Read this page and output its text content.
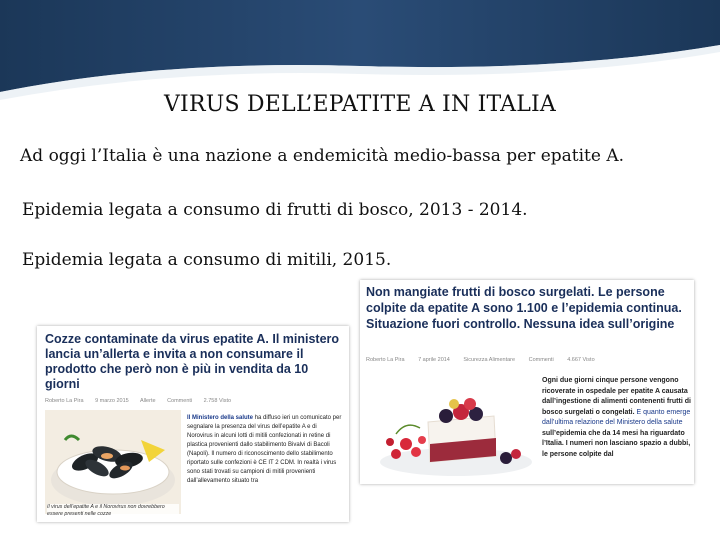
VIRUS DELL’EPATITE A IN ITALIA
Ad oggi l’Italia è una nazione a endemicità medio-bassa per epatite A.
Epidemia legata a consumo di frutti di bosco, 2013 - 2014.
Epidemia legata a consumo di mitili, 2015.
Cozze contaminate da virus epatite A. Il ministero lancia un’allerta e invita a non consumare il prodotto che però non è più in vendita da 10 giorni
Roberto La Pira 9 marzo 2015 Allerte Commenti 2.758 Visto
Il virus dell’epatite A e il Norovirus non dovrebbero essere presenti nelle cozze
Il Ministero della salute ha diffuso ieri un comunicato per segnalare la presenza del virus dell’epatite A e di Norovirus in alcuni lotti di mitili confezionati in retine di plastica provenienti dallo stabilimento Bivalvi di Bacoli (Napoli). Il numero di riconoscimento dello stabilimento riportato sulle confezioni è CE IT 2 CDM. In realtà i virus sono stati trovati su campioni di mitili provenienti dall’allevamento situato tra
Non mangiate frutti di bosco surgelati. Le persone colpite da epatite A sono 1.100 e l’epidemia continua. Situazione fuori controllo. Nessuna idea sull’origine
Roberto La Pira 7 aprile 2014 Sicurezza Alimentare Commenti 4.667 Visto
Ogni due giorni cinque persone vengono ricoverate in ospedale per epatite A causata dall’ingestione di alimenti contenenti frutti di bosco surgelati o congelati. E quanto emerge dall’ultima relazione del Ministero della salute sull’epidemia che da 14 mesi ha riguardato l’Italia. I numeri non lasciano spazio a dubbi, le persone colpite dal
